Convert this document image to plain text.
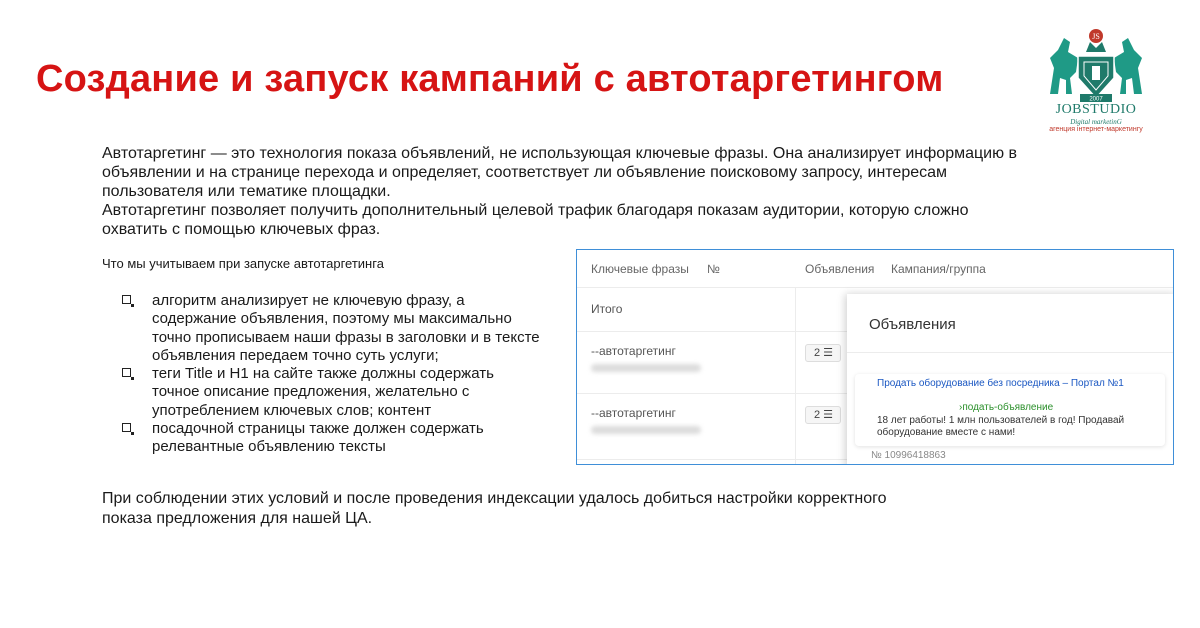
Создание и запуск кампаний с автотаргетингом
JS
2007
JOBSTUDIO
Digital marketinG
агенция інтернет-маркетингу

Автотаргетинг — это технология показа объявлений, не использующая ключевые фразы. Она анализирует информацию в объявлении и на странице перехода и определяет, соответствует ли объявление поисковому запросу, интересам пользователя или тематике площадки.

Автотаргетинг позволяет получить дополнительный целевой трафик благодаря показам аудитории, которую сложно охватить с помощью ключевых фраз.

Что мы учитываем при запуске автотаргетинга
алгоритм анализирует не ключевую фразу, а содержание объявления, поэтому мы максимально точно прописываем наши фразы в заголовки и в тексте объявления передаем точно суть услуги;
теги Title и H1 на сайте также должны содержать точное описание предложения, желательно с употреблением ключевых слов; контент
посадочной страницы также должен содержать релевантные объявлению тексты
Ключевые фразы №	Объявления Кампания/группа
Итого
--автотаргетинг	2 ☰
--автотаргетинг	2 ☰
Объявления
Продать оборудование без посредника – Портал №1
›подать-объявление
18 лет работы! 1 млн пользователей в год! Продавай оборудование вместе с нами!
№ 10996418863
При соблюдении этих условий и после проведения индексации удалось добиться настройки корректного показа предложения для нашей ЦА.
